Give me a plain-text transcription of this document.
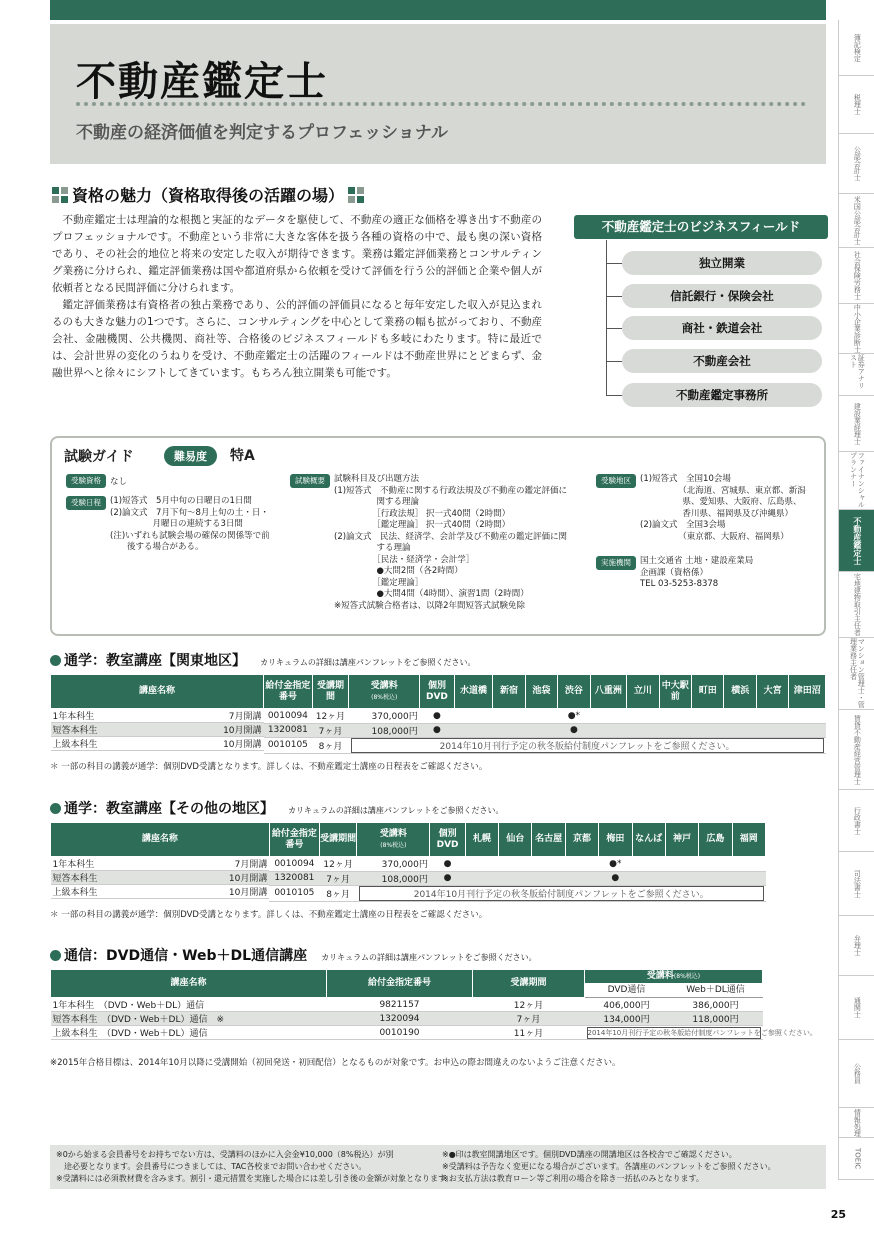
不動産鑑定士
不動産の経済価値を判定するプロフェッショナル
簿記検定
税理士
公認会計士
米国公認会計士
社会保険労務士
中小企業診断士
証券アナリスト
建設業経理士
ファイナンシャルプランナー
不動産鑑定士
宅地建物取引主任者
マンション管理士・管理業務主任者
賃貸不動産経営管理士
行政書士
司法書士
弁理士
通関士
公務員
情報処理
TOEIC
資格の魅力（資格取得後の活躍の場）

不動産鑑定士は理論的な根拠と実証的なデータを駆使して、不動産の適正な価格を導き出す不動産のプロフェッショナルです。不動産という非常に大きな客体を扱う各種の資格の中で、最も奥の深い資格であり、その社会的地位と将来の安定した収入が期待できます。業務は鑑定評価業務とコンサルティング業務に分けられ、鑑定評価業務は国や都道府県から依頼を受けて評価を行う公的評価と企業や個人が依頼者となる民間評価に分けられます。

鑑定評価業務は有資格者の独占業務であり、公的評価の評価員になると毎年安定した収入が見込まれるのも大きな魅力の1つです。さらに、コンサルティングを中心として業務の幅も拡がっており、不動産会社、金融機関、公共機関、商社等、合格後のビジネスフィールドも多岐にわたります。特に最近では、会計世界の変化のうねりを受け、不動産鑑定士の活躍のフィールドは不動産世界にとどまらず、金融世界へと徐々にシフトしてきています。もちろん独立開業も可能です。

不動産鑑定士のビジネスフィールド
独立開業
信託銀行・保険会社
商社・鉄道会社
不動産会社
不動産鑑定事務所
試験ガイド	難易度	特A
受験資格 なし
受験日程 (1)短答式　5月中旬の日曜日の1日間
(2)論文式　7月下旬～8月上旬の土・日・
　　　　　月曜日の連続する3日間
(注)いずれも試験会場の確保の関係等で前
　　後する場合がある。
試験概要 試験科目及び出題方法
(1)短答式　不動産に関する行政法規及び不動産の鑑定評価に
　　　　　関する理論
　　　　　［行政法規］ 択一式40問（2時間）
　　　　　［鑑定理論］ 択一式40問（2時間）
(2)論文式　民法、経済学、会計学及び不動産の鑑定評価に関
　　　　　する理論
　　　　　［民法・経済学・会計学］
　　　　　●大問2問（各2時間）
　　　　　［鑑定理論］
　　　　　●大問4問（4時間）、演習1問（2時間）
※短答式試験合格者は、以降2年間短答式試験免除
受験地区 (1)短答式　全国10会場
　　　　　（北海道、宮城県、東京都、新潟
　　　　　県、愛知県、大阪府、広島県、
　　　　　香川県、福岡県及び沖縄県）
(2)論文式　全国3会場
　　　　　（東京都、大阪府、福岡県）
実施機関 国土交通省 土地・建設産業局
企画課（資格係）
TEL 03-5253-8378
通学：教室講座【関東地区】 カリキュラムの詳細は講座パンフレットをご参照ください。
講座名称	給付金指定番号	受講期間	受講料
(8%税込)	個別DVD	水道橋	新宿	池袋	渋谷	八重洲	立川	中大駅前	町田	横浜	大宮	津田沼

1年本科生	7月開講 0010094	12ヶ月	370,000円	●				●*							

短答本科生	10月開講 1320081	7ヶ月	108,000円	●				●							

上級本科生	10月開講 0010105	8ヶ月	2014年10月刊行予定の秋冬版給付制度パンフレットをご参照ください。												
＊ 一部の科目の講義が通学：個別DVD受講となります。詳しくは、不動産鑑定士講座の日程表をご確認ください。
通学：教室講座【その他の地区】 カリキュラムの詳細は講座パンフレットをご参照ください。
講座名称	給付金指定番号	受講期間	受講料
(8%税込)	個別DVD	札幌	仙台	名古屋	京都	梅田	なんば	神戸	広島	福岡

1年本科生	7月開講 0010094	12ヶ月	370,000円	●					●*				

短答本科生	10月開講 1320081	7ヶ月	108,000円	●					●				

上級本科生	10月開講 0010105	8ヶ月	2014年10月刊行予定の秋冬版給付制度パンフレットをご参照ください。										
＊ 一部の科目の講義が通学：個別DVD受講となります。詳しくは、不動産鑑定士講座の日程表をご確認ください。
通信：DVD通信・Web＋DL通信講座 カリキュラムの詳細は講座パンフレットをご参照ください。
講座名称	給付金指定番号	受講期間	受講料(8%税込)	
			DVD通信	Web＋DL通信
1年本科生　 （DVD・Web＋DL）通信　	9821157	12ヶ月	406,000円	386,000円
短答本科生　 （DVD・Web＋DL）通信　 ※	1320094	7ヶ月	134,000円	118,000円
上級本科生　 （DVD・Web＋DL）通信　	0010190	11ヶ月	2014年10月刊行予定の秋冬版給付制度パンフレットをご参照ください。	
※2015年合格目標は、2014年10月以降に受講開始（初回発送・初回配信）となるものが対象です。お申込の際お間違えのないようご注意ください。
※0から始まる会員番号をお持ちでない方は、受講料のほかに入会金¥10,000（8%税込）が別
　途必要となります。会員番号につきましては、TAC各校までお問い合わせください。
※受講料には必須教材費を含みます。割引・還元措置を実施した場合には差し引き後の金額が対象となります。
※●印は教室開講地区です。個別DVD講座の開講地区は各校舎でご確認ください。
※受講料は予告なく変更になる場合がございます。各講座のパンフレットをご参照ください。
※お支払方法は教育ローン等ご利用の場合を除き一括払のみとなります。
25
